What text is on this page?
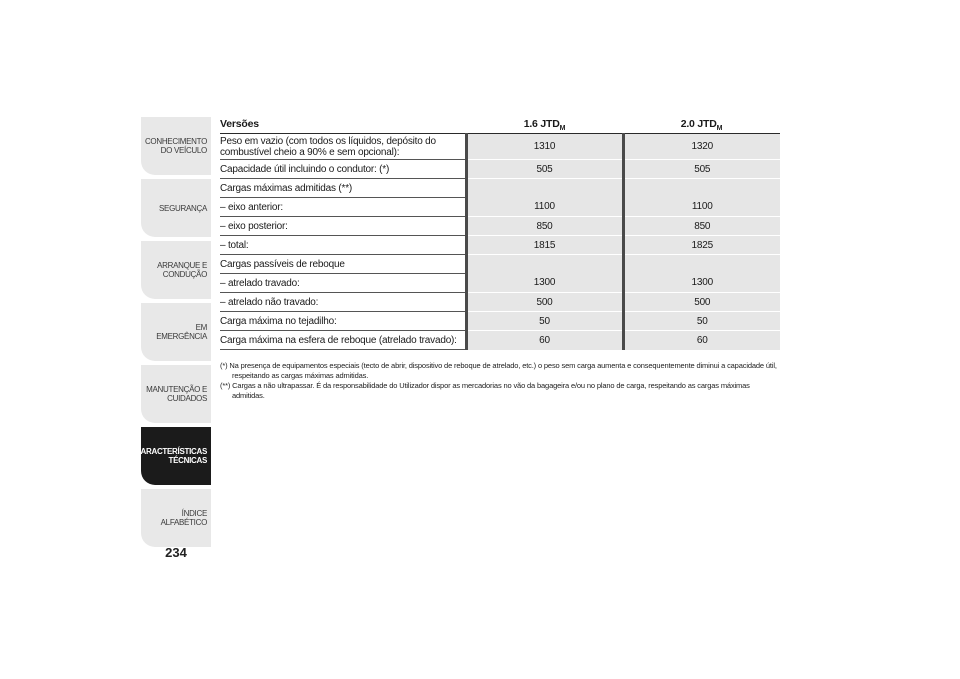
CONHECIMENTO DO VEÍCULO
SEGURANÇA
ARRANQUE E CONDUÇÃO
EM EMERGÊNCIA
MANUTENÇÃO E CUIDADOS
CARACTERÍSTICAS TÉCNICAS
ÍNDICE ALFABÉTICO
234
Versões	1.6 $JTD_M$	2.0 $JTD_M$
Peso em vazio (com todos os líquidos, depósito do combustível cheio a 90% e sem opcional):	1310	1320
Capacidade útil incluindo o condutor: (*)	505	505
Cargas máximas admitidas (**)		
– eixo anterior:	1100	1100
– eixo posterior:	850	850
– total:	1815	1825
Cargas passíveis de reboque		
– atrelado travado:	1300	1300
– atrelado não travado:	500	500
Carga máxima no tejadilho:	50	50
Carga máxima na esfera de reboque (atrelado travado):	60	60
(*) Na presença de equipamentos especiais (tecto de abrir, dispositivo de reboque de atrelado, etc.) o peso sem carga aumenta e consequentemente diminui a capacidade útil, respeitando as cargas máximas admitidas.
(**) Cargas a não ultrapassar. É da responsabilidade do Utilizador dispor as mercadorias no vão da bagageira e/ou no plano de carga, respeitando as cargas máximas admitidas.
